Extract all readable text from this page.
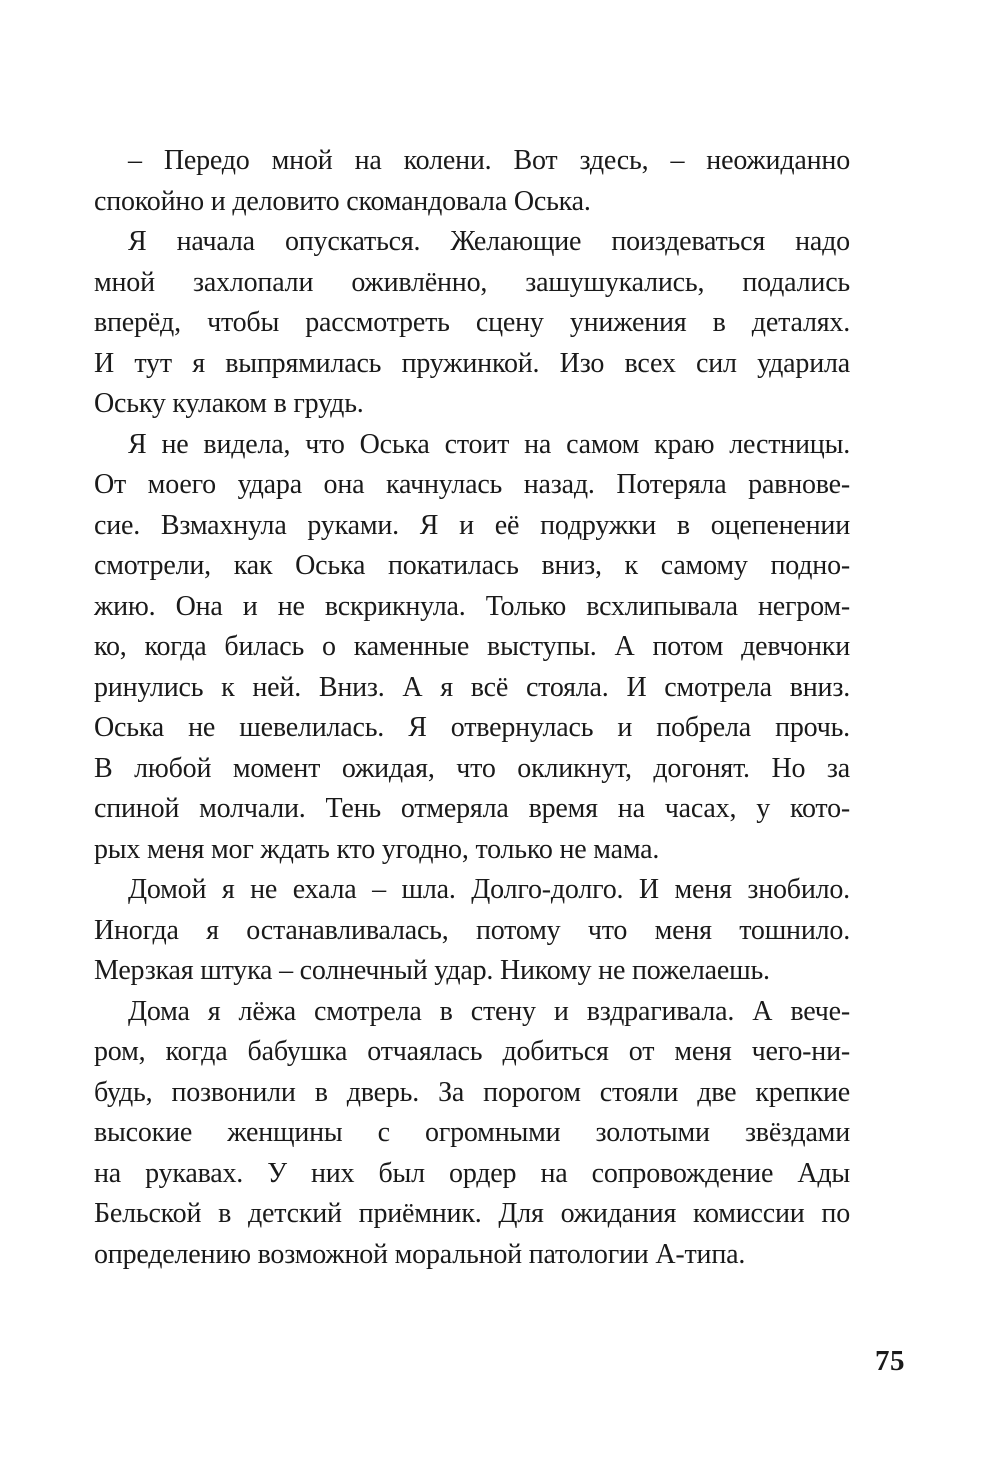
– Передо мной на колени. Вот здесь, – неожиданно
спокойно и деловито скомандовала Оська.

Я начала опускаться. Желающие поиздеваться надо
мной захлопали оживлённо, зашушукались, подались
вперёд, чтобы рассмотреть сцену унижения в деталях.
И тут я выпрямилась пружинкой. Изо всех сил ударила
Оську кулаком в грудь.

Я не видела, что Оська стоит на самом краю лестницы.
От моего удара она качнулась назад. Потеряла равнове-
сие. Взмахнула руками. Я и её подружки в оцепенении
смотрели, как Оська покатилась вниз, к самому подно-
жию. Она и не вскрикнула. Только всхлипывала негром-
ко, когда билась о каменные выступы. А потом девчонки
ринулись к ней. Вниз. А я всё стояла. И смотрела вниз.
Оська не шевелилась. Я отвернулась и побрела прочь.
В любой момент ожидая, что окликнут, догонят. Но за
спиной молчали. Тень отмеряла время на часах, у кото-
рых меня мог ждать кто угодно, только не мама.

Домой я не ехала – шла. Долго-долго. И меня знобило.
Иногда я останавливалась, потому что меня тошнило.
Мерзкая штука – солнечный удар. Никому не пожелаешь.

Дома я лёжа смотрела в стену и вздрагивала. А вече-
ром, когда бабушка отчаялась добиться от меня чего-ни-
будь, позвонили в дверь. За порогом стояли две крепкие
высокие женщины с огромными золотыми звёздами
на рукавах. У них был ордер на сопровождение Ады
Бельской в детский приёмник. Для ожидания комиссии по
определению возможной моральной патологии А-типа.

75
